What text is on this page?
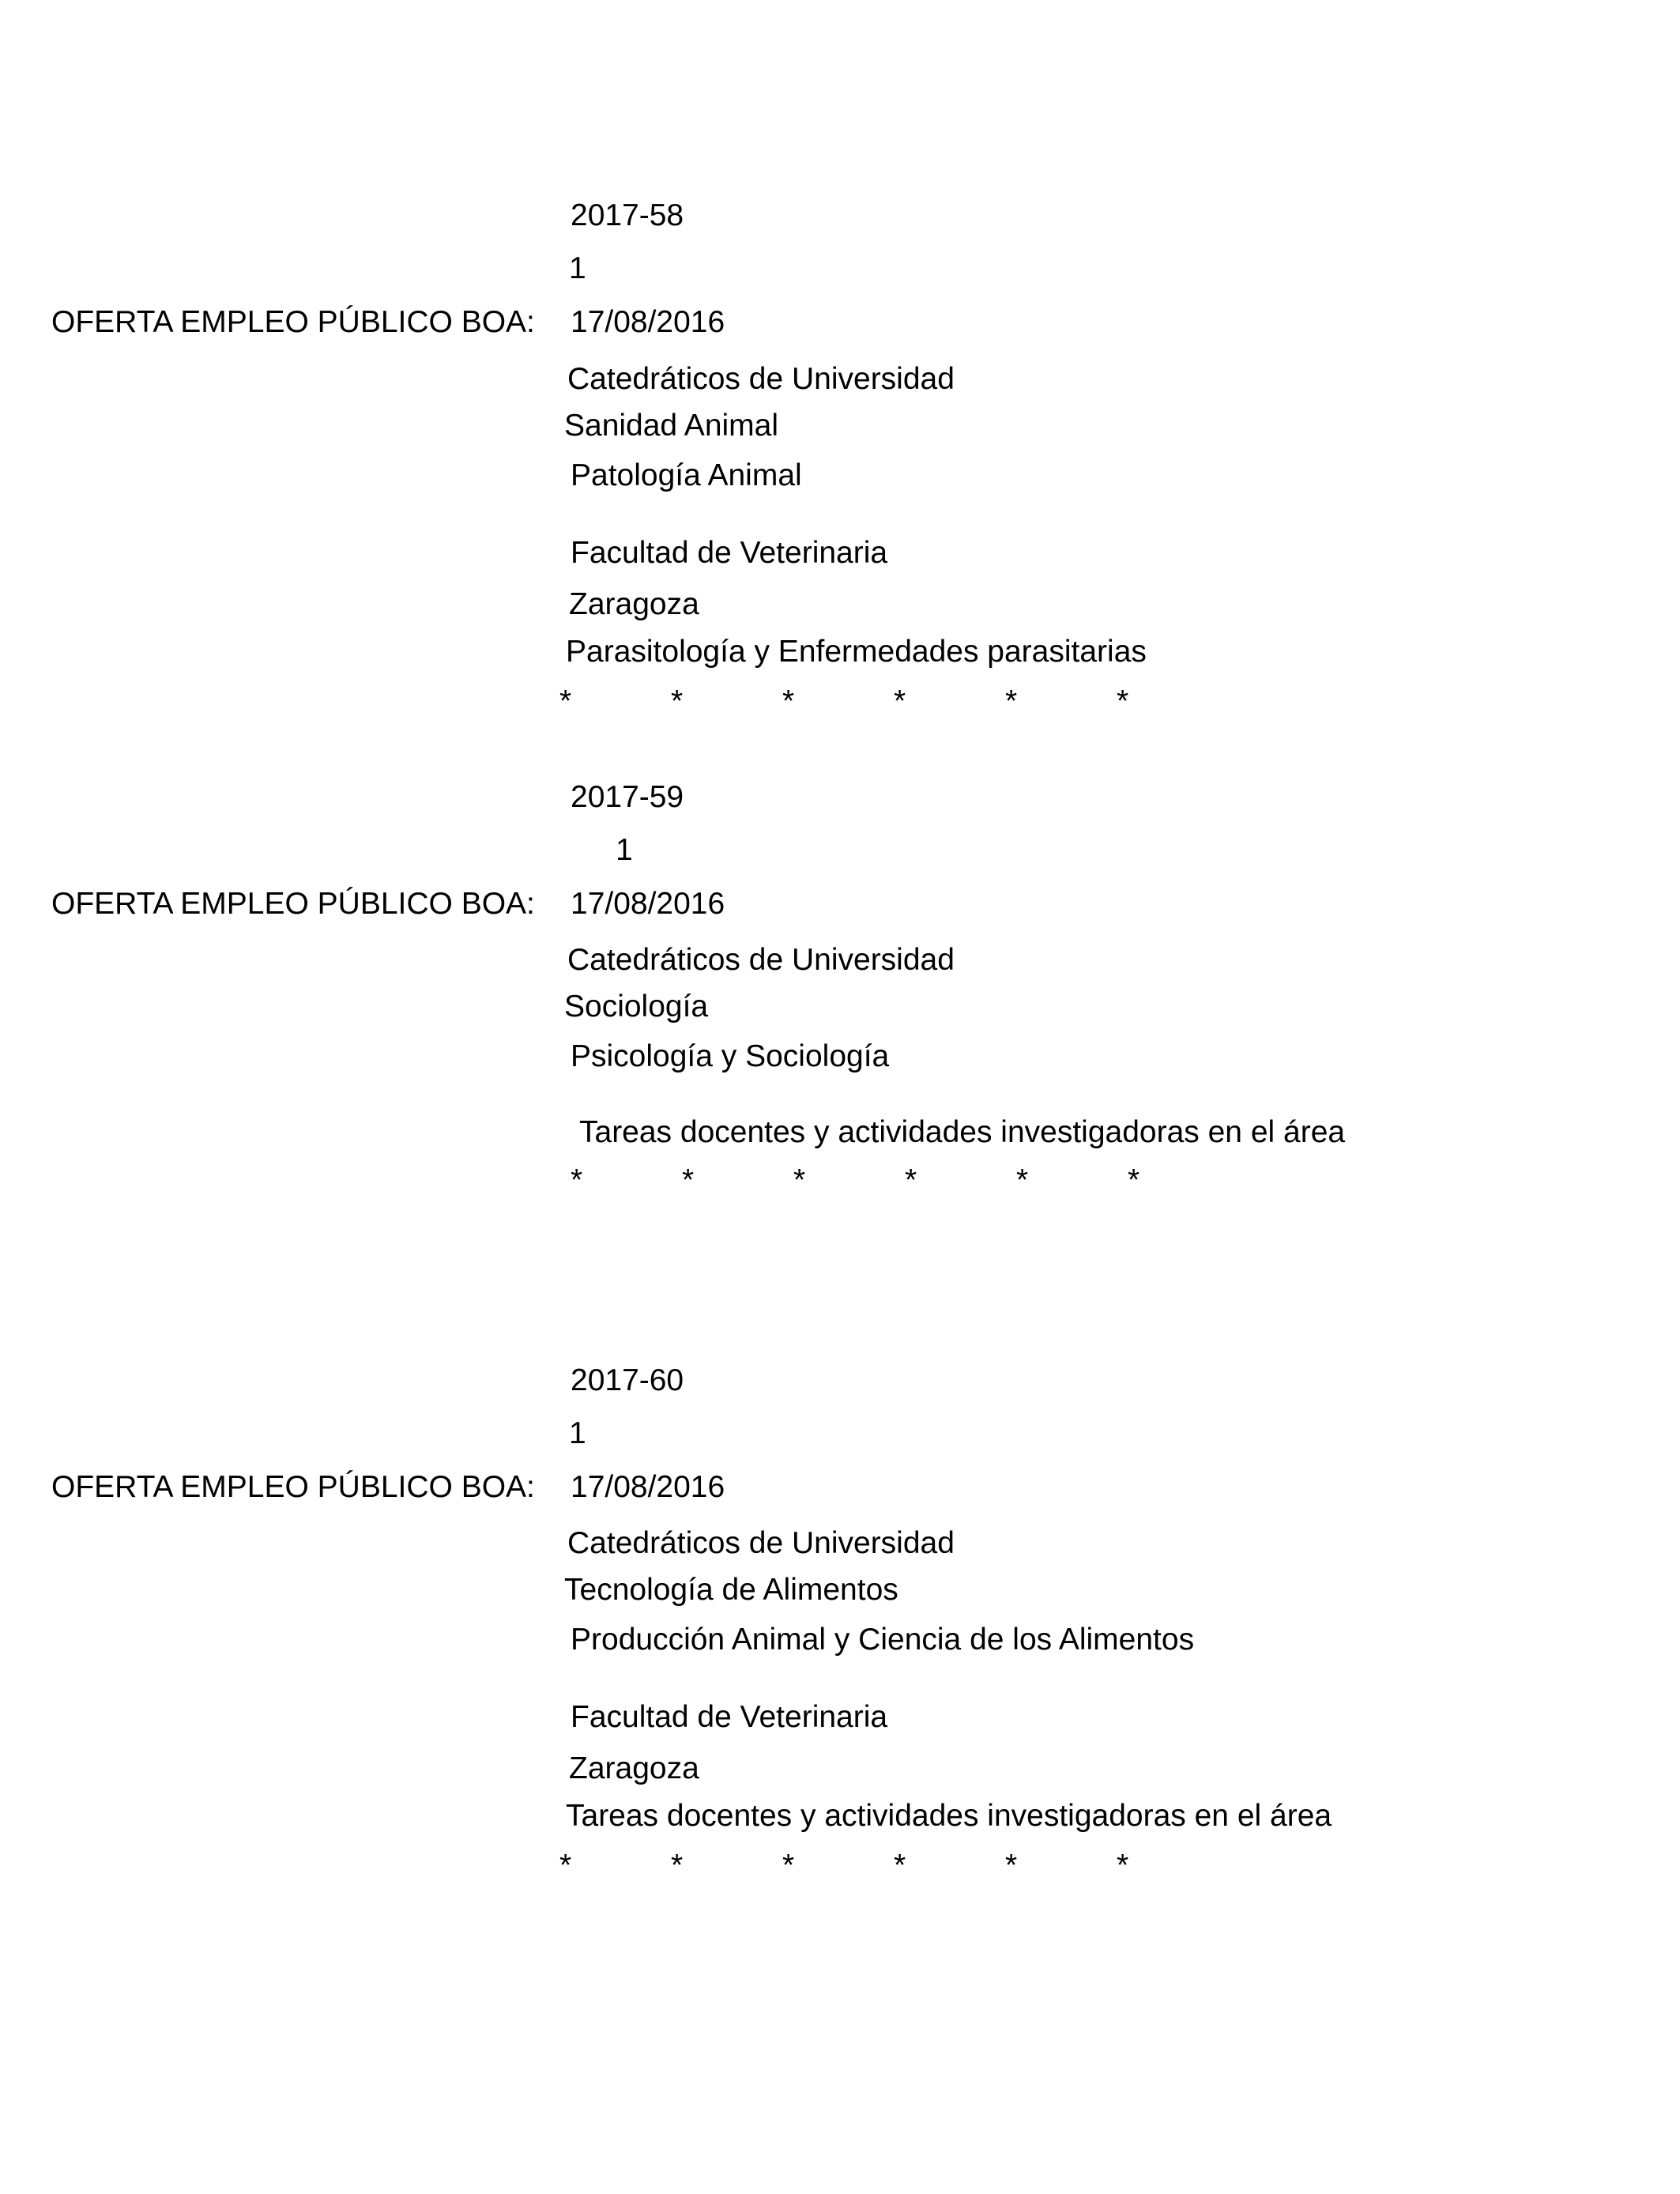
2017-58
1
OFERTA EMPLEO PÚBLICO BOA: 17/08/2016
Catedráticos de Universidad
Sanidad Animal
Patología Animal
Facultad de Veterinaria
Zaragoza
Parasitología y Enfermedades parasitarias
*	*	*	*	*	*
2017-59
1
OFERTA EMPLEO PÚBLICO BOA: 17/08/2016
Catedráticos de Universidad
Sociología
Psicología y Sociología
Tareas docentes y actividades investigadoras en el área
*	*	*	*	*	*
2017-60
1
OFERTA EMPLEO PÚBLICO BOA: 17/08/2016
Catedráticos de Universidad
Tecnología de Alimentos
Producción Animal y Ciencia de los Alimentos
Facultad de Veterinaria
Zaragoza
Tareas docentes y actividades investigadoras en el área
*	*	*	*	*	*
